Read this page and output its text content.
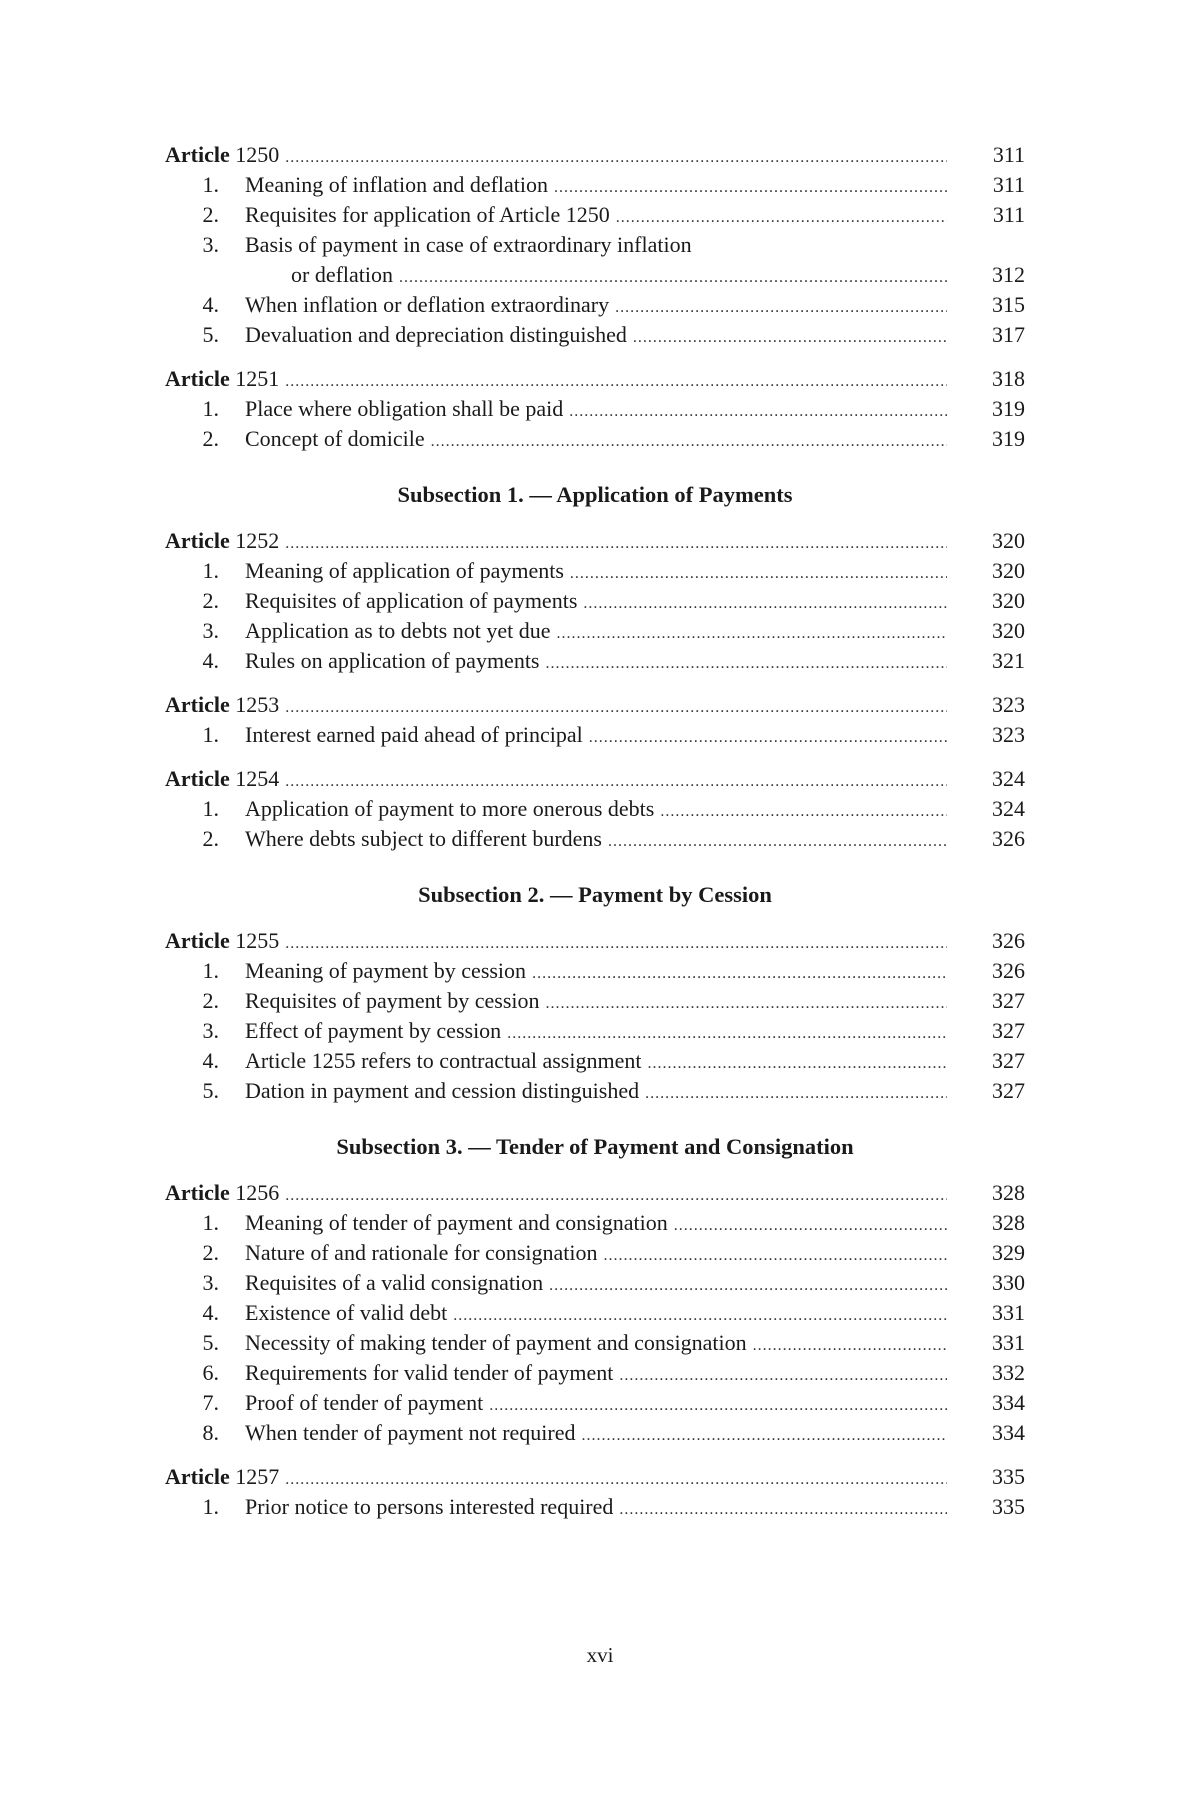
Article 1250 .....	311
1. Meaning of inflation and deflation .....	311
2. Requisites for application of Article 1250 .....	311
3. Basis of payment in case of extraordinary inflation
or deflation .....	312
4. When inflation or deflation extraordinary .....	315
5. Devaluation and depreciation distinguished .....	317
Article 1251 .....	318
1. Place where obligation shall be paid .....	319
2. Concept of domicile .....	319
Subsection 1. — Application of Payments
Article 1252 .....	320
1. Meaning of application of payments .....	320
2. Requisites of application of payments .....	320
3. Application as to debts not yet due .....	320
4. Rules on application of payments .....	321
Article 1253 .....	323
1. Interest earned paid ahead of principal .....	323
Article 1254 .....	324
1. Application of payment to more onerous debts .....	324
2. Where debts subject to different burdens .....	326
Subsection 2. — Payment by Cession
Article 1255 .....	326
1. Meaning of payment by cession .....	326
2. Requisites of payment by cession .....	327
3. Effect of payment by cession .....	327
4. Article 1255 refers to contractual assignment .....	327
5. Dation in payment and cession distinguished .....	327
Subsection 3. — Tender of Payment and Consignation
Article 1256 .....	328
1. Meaning of tender of payment and consignation .....	328
2. Nature of and rationale for consignation .....	329
3. Requisites of a valid consignation .....	330
4. Existence of valid debt .....	331
5. Necessity of making tender of payment and consignation .....	331
6. Requirements for valid tender of payment .....	332
7. Proof of tender of payment .....	334
8. When tender of payment not required .....	334
Article 1257 .....	335
1. Prior notice to persons interested required .....	335
xvi
